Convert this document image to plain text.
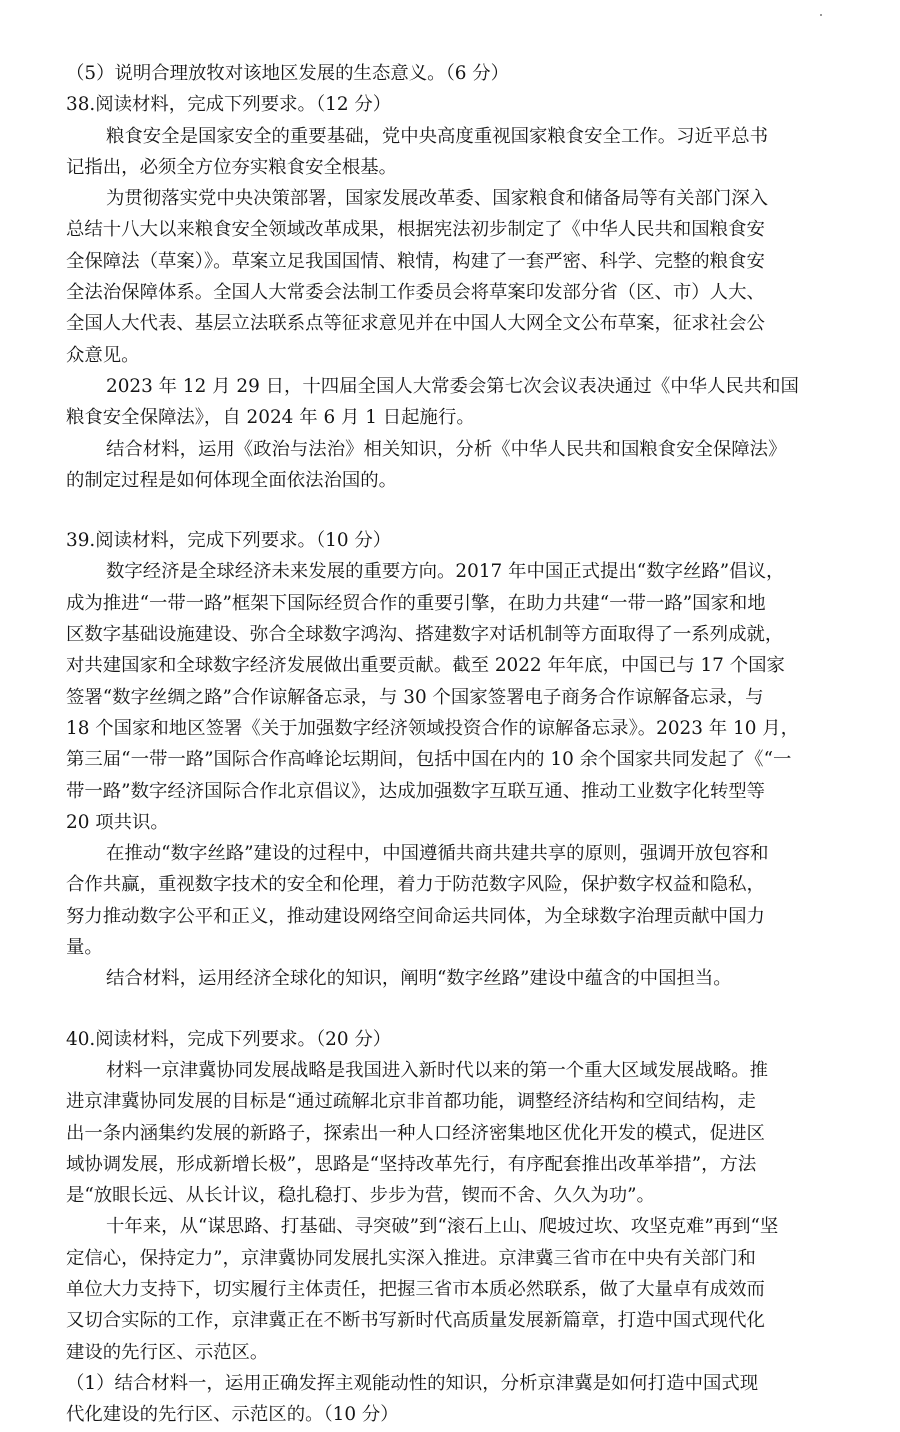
（5）说明合理放牧对该地区发展的生态意义。（6 分）
38.阅读材料，完成下列要求。（12 分）
粮食安全是国家安全的重要基础，党中央高度重视国家粮食安全工作。习近平总书
记指出，必须全方位夯实粮食安全根基。
为贯彻落实党中央决策部署，国家发展改革委、国家粮食和储备局等有关部门深入
总结十八大以来粮食安全领域改革成果，根据宪法初步制定了《中华人民共和国粮食安
全保障法（草案）》。草案立足我国国情、粮情，构建了一套严密、科学、完整的粮食安
全法治保障体系。全国人大常委会法制工作委员会将草案印发部分省（区、市）人大、
全国人大代表、基层立法联系点等征求意见并在中国人大网全文公布草案，征求社会公
众意见。
2023 年 12 月 29 日，十四届全国人大常委会第七次会议表决通过《中华人民共和国
粮食安全保障法》，自 2024 年 6 月 1 日起施行。
结合材料，运用《政治与法治》相关知识，分析《中华人民共和国粮食安全保障法》
的制定过程是如何体现全面依法治国的。
39.阅读材料，完成下列要求。（10 分）
数字经济是全球经济未来发展的重要方向。2017 年中国正式提出“数字丝路”倡议，
成为推进“一带一路”框架下国际经贸合作的重要引擎，在助力共建“一带一路”国家和地
区数字基础设施建设、弥合全球数字鸿沟、搭建数字对话机制等方面取得了一系列成就，
对共建国家和全球数字经济发展做出重要贡献。截至 2022 年年底，中国已与 17 个国家
签署“数字丝绸之路”合作谅解备忘录，与 30 个国家签署电子商务合作谅解备忘录，与
18 个国家和地区签署《关于加强数字经济领域投资合作的谅解备忘录》。2023 年 10 月，
第三届“一带一路”国际合作高峰论坛期间，包括中国在内的 10 余个国家共同发起了《“一
带一路”数字经济国际合作北京倡议》，达成加强数字互联互通、推动工业数字化转型等
20 项共识。
在推动“数字丝路”建设的过程中，中国遵循共商共建共享的原则，强调开放包容和
合作共赢，重视数字技术的安全和伦理，着力于防范数字风险，保护数字权益和隐私，
努力推动数字公平和正义，推动建设网络空间命运共同体，为全球数字治理贡献中国力
量。
结合材料，运用经济全球化的知识，阐明“数字丝路”建设中蕴含的中国担当。
40.阅读材料，完成下列要求。（20 分）
材料一京津冀协同发展战略是我国进入新时代以来的第一个重大区域发展战略。推
进京津冀协同发展的目标是“通过疏解北京非首都功能，调整经济结构和空间结构，走
出一条内涵集约发展的新路子，探索出一种人口经济密集地区优化开发的模式，促进区
域协调发展，形成新增长极”，思路是“坚持改革先行，有序配套推出改革举措”，方法
是“放眼长远、从长计议，稳扎稳打、步步为营，锲而不舍、久久为功”。
十年来，从“谋思路、打基础、寻突破”到“滚石上山、爬坡过坎、攻坚克难”再到“坚
定信心，保持定力”，京津冀协同发展扎实深入推进。京津冀三省市在中央有关部门和
单位大力支持下，切实履行主体责任，把握三省市本质必然联系，做了大量卓有成效而
又切合实际的工作，京津冀正在不断书写新时代高质量发展新篇章，打造中国式现代化
建设的先行区、示范区。
（1）结合材料一，运用正确发挥主观能动性的知识，分析京津冀是如何打造中国式现
代化建设的先行区、示范区的。（10 分）
